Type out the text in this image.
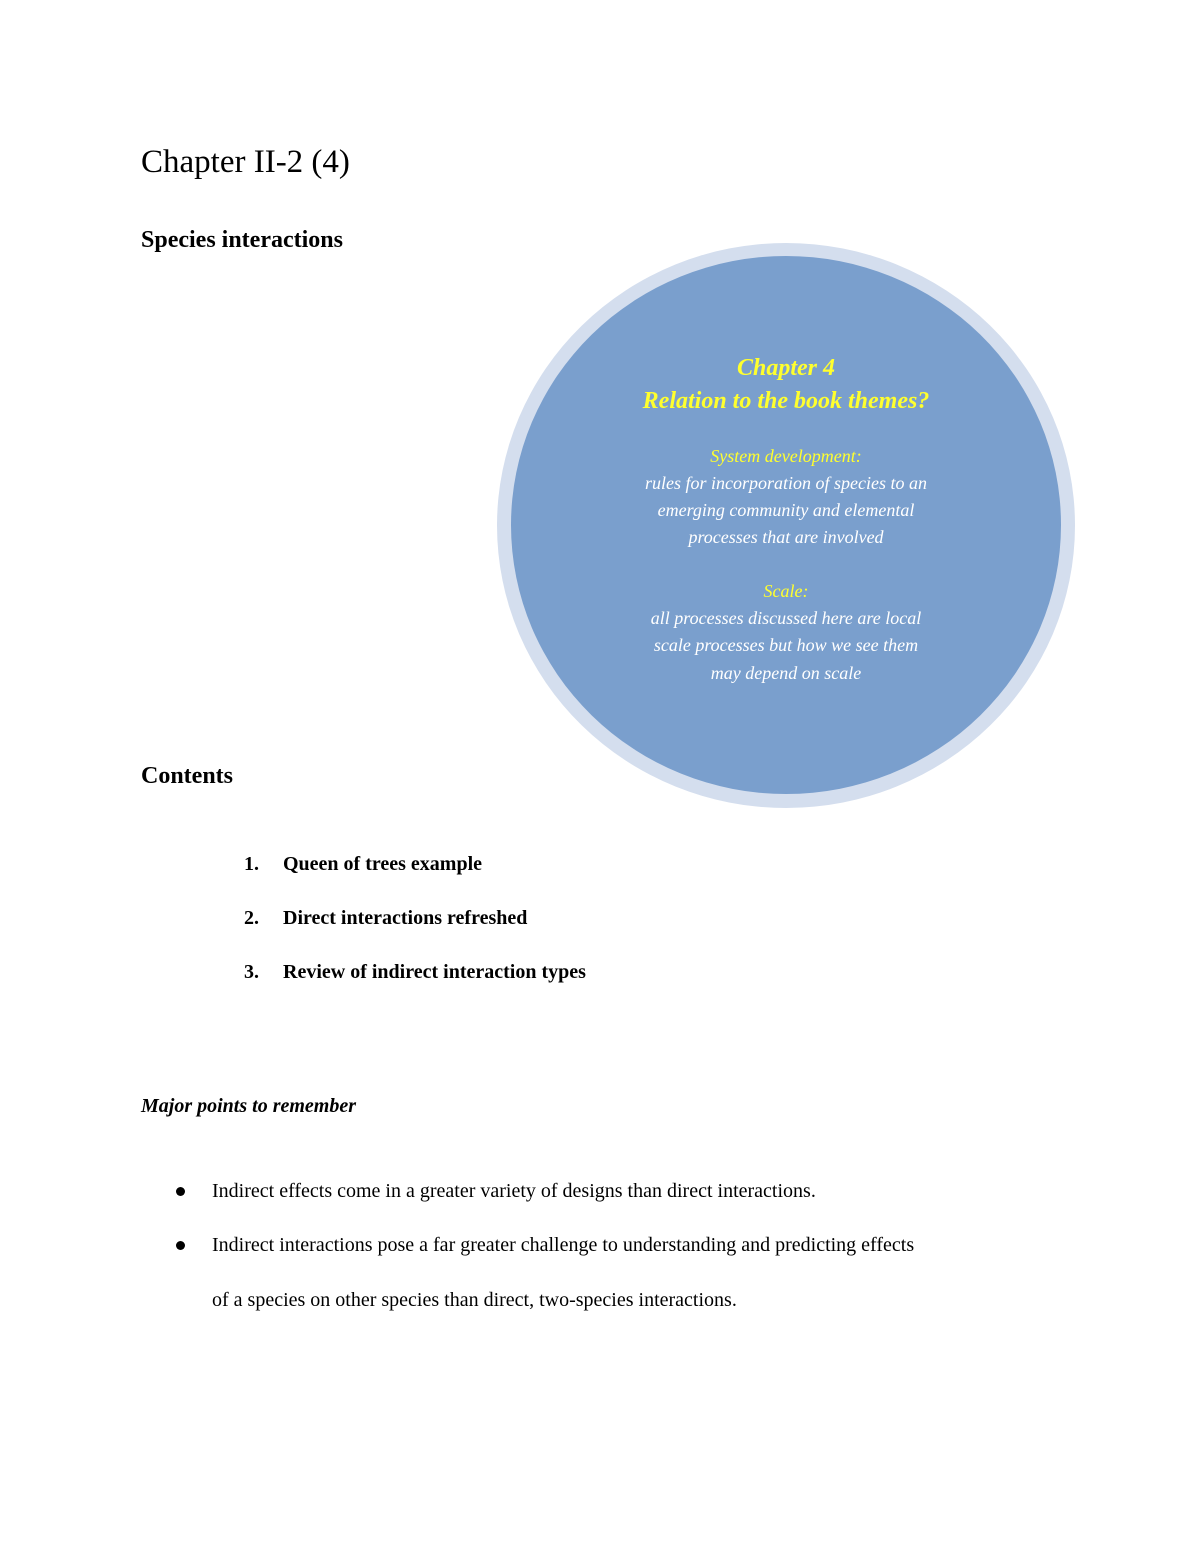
Chapter II-2 (4)
Species interactions
Chapter 4
Relation to the book themes?
System development:
rules for incorporation of species to an
emerging community and elemental
processes that are involved
Scale:
all processes discussed here are local
scale processes but how we see them
may depend on scale
Contents
1. Queen of trees example
2. Direct interactions refreshed
3. Review of indirect interaction types
Major points to remember
Indirect effects come in a greater variety of designs than direct interactions.
Indirect interactions pose a far greater challenge to understanding and predicting effects
of a species on other species than direct, two-species interactions.
